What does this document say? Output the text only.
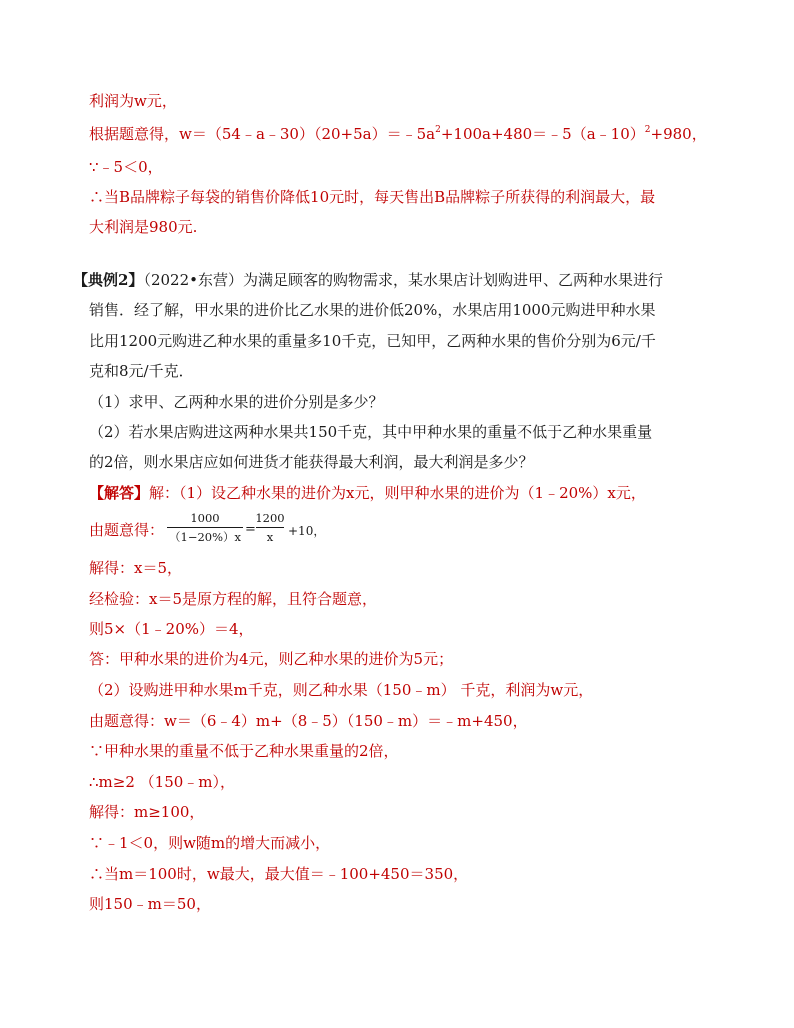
利润为w元，
根据题意得，$w=(54﹣a﹣30)(20+5a)=﹣5a^2+100a+480=﹣5(a﹣10)^2+980$，
∵﹣5＜0，
∴当B品牌粽子每袋的销售价降低10元时，每天售出B品牌粽子所获得的利润最大，最
大利润是980元.
【典例2】（2022•东营）为满足顾客的购物需求，某水果店计划购进甲、乙两种水果进行
销售．经了解，甲水果的进价比乙水果的进价低20%，水果店用1000元购进甲种水果
比用1200元购进乙种水果的重量多10千克，已知甲，乙两种水果的售价分别为6元/千
克和8元/千克．
（1）求甲、乙两种水果的进价分别是多少？
（2）若水果店购进这两种水果共150千克，其中甲种水果的重量不低于乙种水果重量
的2倍，则水果店应如何进货才能获得最大利润，最大利润是多少？
【解答】解：（1）设乙种水果的进价为x元，则甲种水果的进价为（1﹣20%）x元，
由题意得：
1000
（1−20%）x =
1200
x	+10，
解得：x＝5，
经检验：x＝5是原方程的解，且符合题意，
则5×（1﹣20%）＝4，
答：甲种水果的进价为4元，则乙种水果的进价为5元；
（2）设购进甲种水果m千克，则乙种水果（150﹣m） 千克，利润为w元，
由题意得：w＝（6﹣4）m+（8﹣5）（150﹣m）＝﹣m+450，
∵甲种水果的重量不低于乙种水果重量的2倍，
∴m≥2 （150﹣m），
解得：m≥100，
∵﹣1＜0，则w随m的增大而减小，
∴当m＝100时，w最大，最大值＝﹣100+450＝350，
则150﹣m＝50，
